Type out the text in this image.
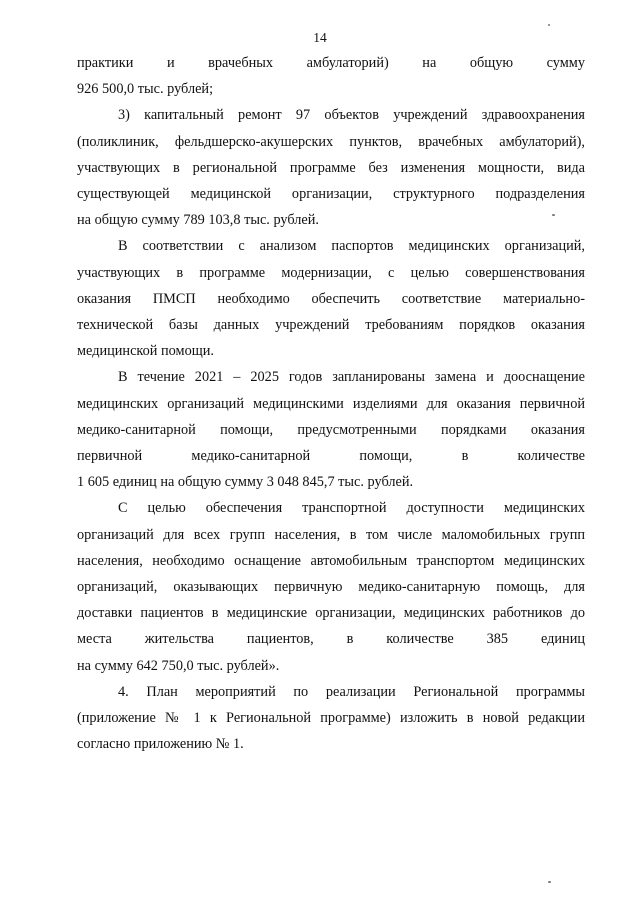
14

практики и врачебных амбулаторий) на общую сумму
926 500,0 тыс. рублей;

3) капитальный ремонт 97 объектов учреждений здравоохранения
(поликлиник, фельдшерско-акушерских пунктов, врачебных амбулаторий),
участвующих в региональной программе без изменения мощности, вида
существующей медицинской организации, структурного подразделения
на общую сумму 789 103,8 тыс. рублей.

В соответствии с анализом паспортов медицинских организаций,
участвующих в программе модернизации, с целью совершенствования
оказания ПМСП необходимо обеспечить соответствие материально-
технической базы данных учреждений требованиям порядков оказания
медицинской помощи.

В течение 2021 – 2025 годов запланированы замена и дооснащение
медицинских организаций медицинскими изделиями для оказания первичной
медико-санитарной помощи, предусмотренными порядками оказания
первичной медико-санитарной помощи, в количестве
1 605 единиц на общую сумму 3 048 845,7 тыс. рублей.

С целью обеспечения транспортной доступности медицинских
организаций для всех групп населения, в том числе маломобильных групп
населения, необходимо оснащение автомобильным транспортом медицинских
организаций, оказывающих первичную медико-санитарную помощь, для
доставки пациентов в медицинские организации, медицинских работников до
места жительства пациентов, в количестве 385 единиц
на сумму 642 750,0 тыс. рублей».

4. План мероприятий по реализации Региональной программы
(приложение № 1 к Региональной программе) изложить в новой редакции
согласно приложению № 1.
